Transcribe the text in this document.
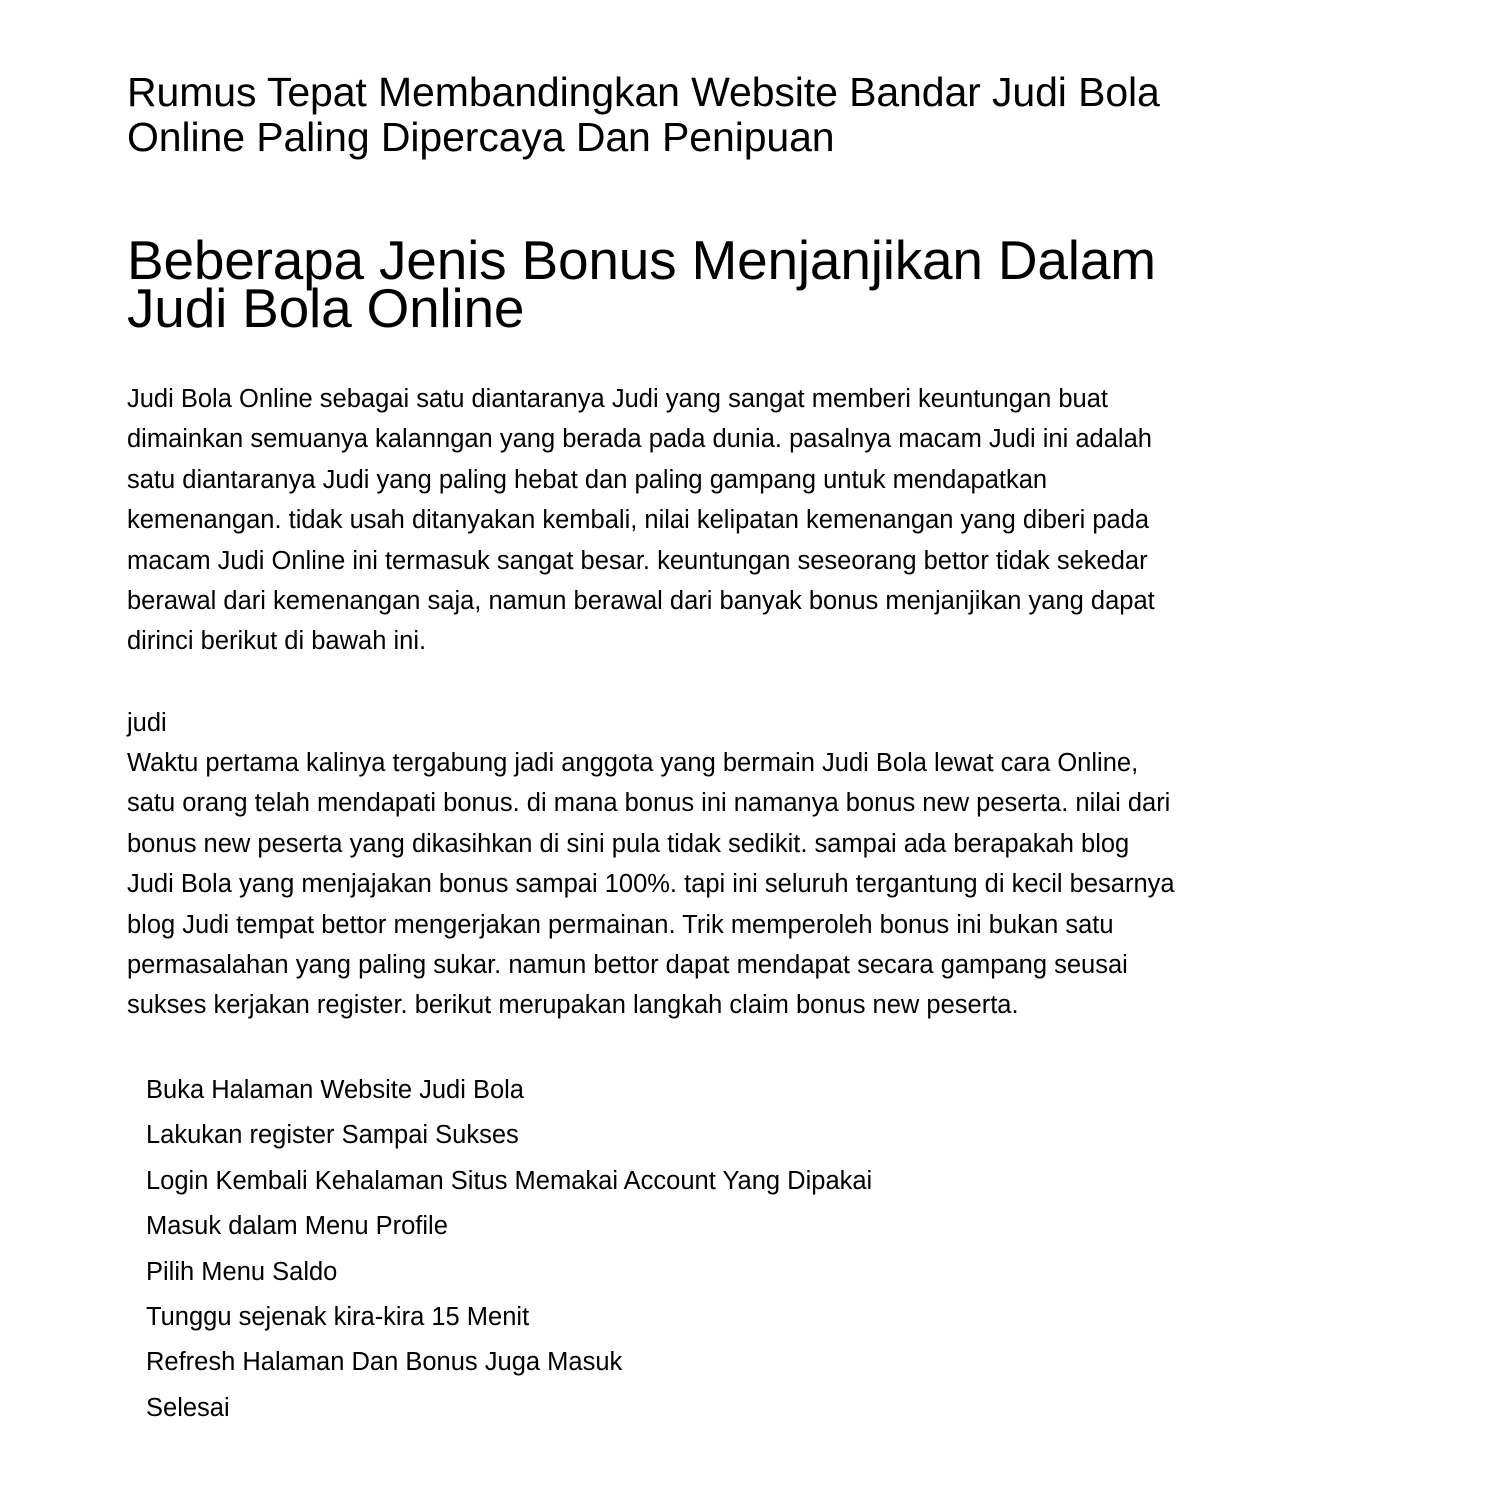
Rumus Tepat Membandingkan Website Bandar Judi Bola
Online Paling Dipercaya Dan Penipuan
Beberapa Jenis Bonus Menjanjikan Dalam
Judi Bola Online

Judi Bola Online sebagai satu diantaranya Judi yang sangat memberi keuntungan buat
dimainkan semuanya kalanngan yang berada pada dunia. pasalnya macam Judi ini adalah
satu diantaranya Judi yang paling hebat dan paling gampang untuk mendapatkan
kemenangan. tidak usah ditanyakan kembali, nilai kelipatan kemenangan yang diberi pada
macam Judi Online ini termasuk sangat besar. keuntungan seseorang bettor tidak sekedar
berawal dari kemenangan saja, namun berawal dari banyak bonus menjanjikan yang dapat
dirinci berikut di bawah ini.

judi

Waktu pertama kalinya tergabung jadi anggota yang bermain Judi Bola lewat cara Online,
satu orang telah mendapati bonus. di mana bonus ini namanya bonus new peserta. nilai dari
bonus new peserta yang dikasihkan di sini pula tidak sedikit. sampai ada berapakah blog
Judi Bola yang menjajakan bonus sampai 100%. tapi ini seluruh tergantung di kecil besarnya
blog Judi tempat bettor mengerjakan permainan. Trik memperoleh bonus ini bukan satu
permasalahan yang paling sukar. namun bettor dapat mendapat secara gampang seusai
sukses kerjakan register. berikut merupakan langkah claim bonus new peserta.

Buka Halaman Website Judi Bola
Lakukan register Sampai Sukses
Login Kembali Kehalaman Situs Memakai Account Yang Dipakai
Masuk dalam Menu Profile
Pilih Menu Saldo
Tunggu sejenak kira-kira 15 Menit
Refresh Halaman Dan Bonus Juga Masuk
Selesai
